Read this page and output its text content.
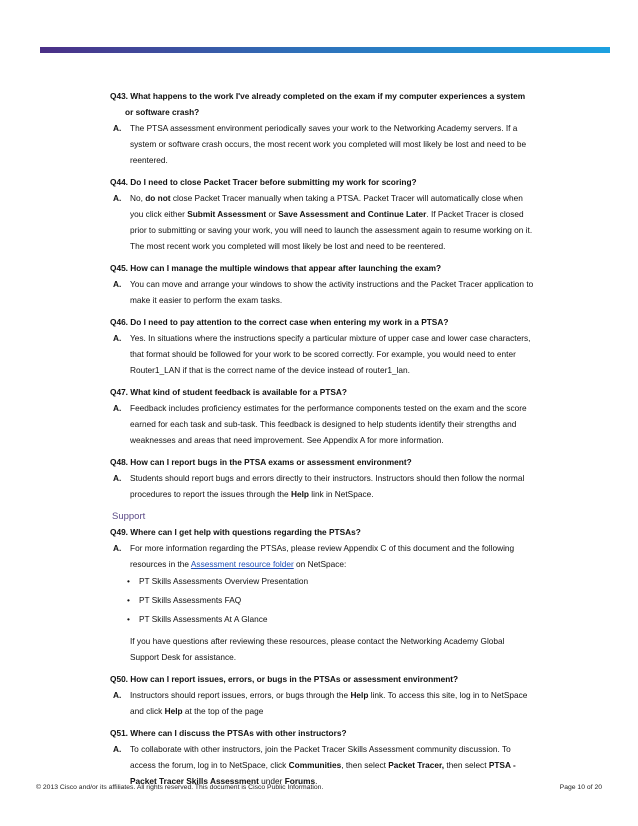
Q43. What happens to the work I've already completed on the exam if my computer experiences a system
or software crash?
A. The PTSA assessment environment periodically saves your work to the Networking Academy servers. If a
system or software crash occurs, the most recent work you completed will most likely be lost and need to be
reentered.
Q44. Do I need to close Packet Tracer before submitting my work for scoring?
A. No, do not close Packet Tracer manually when taking a PTSA. Packet Tracer will automatically close when
you click either Submit Assessment or Save Assessment and Continue Later. If Packet Tracer is closed
prior to submitting or saving your work, you will need to launch the assessment again to resume working on it.
The most recent work you completed will most likely be lost and need to be reentered.
Q45. How can I manage the multiple windows that appear after launching the exam?
A. You can move and arrange your windows to show the activity instructions and the Packet Tracer application to
make it easier to perform the exam tasks.
Q46. Do I need to pay attention to the correct case when entering my work in a PTSA?
A. Yes. In situations where the instructions specify a particular mixture of upper case and lower case characters,
that format should be followed for your work to be scored correctly. For example, you would need to enter
Router1_LAN if that is the correct name of the device instead of router1_lan.
Q47. What kind of student feedback is available for a PTSA?
A. Feedback includes proficiency estimates for the performance components tested on the exam and the score
earned for each task and sub-task. This feedback is designed to help students identify their strengths and
weaknesses and areas that need improvement. See Appendix A for more information.
Q48. How can I report bugs in the PTSA exams or assessment environment?
A. Students should report bugs and errors directly to their instructors. Instructors should then follow the normal
procedures to report the issues through the Help link in NetSpace.
Support
Q49. Where can I get help with questions regarding the PTSAs?
A. For more information regarding the PTSAs, please review Appendix C of this document and the following
resources in the Assessment resource folder on NetSpace:
• PT Skills Assessments Overview Presentation
• PT Skills Assessments FAQ
• PT Skills Assessments At A Glance
If you have questions after reviewing these resources, please contact the Networking Academy Global
Support Desk for assistance.
Q50. How can I report issues, errors, or bugs in the PTSAs or assessment environment?
A. Instructors should report issues, errors, or bugs through the Help link. To access this site, log in to NetSpace
and click Help at the top of the page
Q51. Where can I discuss the PTSAs with other instructors?
A. To collaborate with other instructors, join the Packet Tracer Skills Assessment community discussion. To
access the forum, log in to NetSpace, click Communities, then select Packet Tracer, then select PTSA -
Packet Tracer Skills Assessment under Forums.
© 2013 Cisco and/or its affiliates. All rights reserved. This document is Cisco Public Information.	Page 10 of 20
